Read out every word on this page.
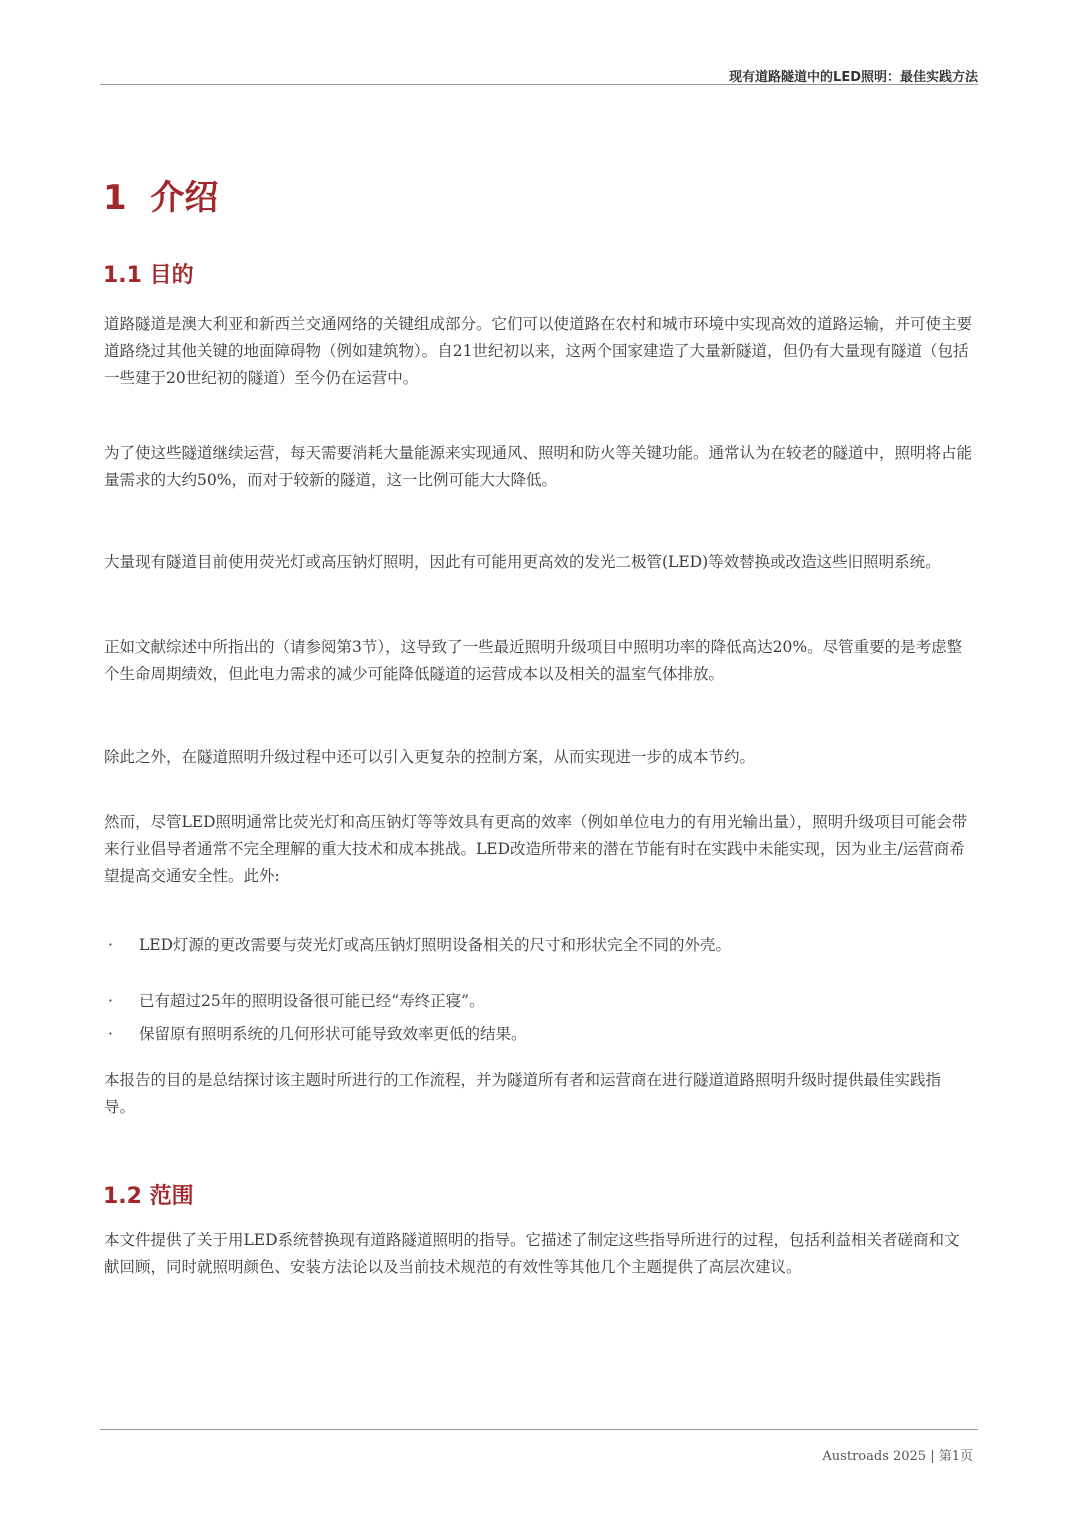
现有道路隧道中的LED照明：最佳实践方法
1  介绍
1.1 目的

道路隧道是澳大利亚和新西兰交通网络的关键组成部分。它们可以使道路在农村和城市环境中实现高效的道路运输，并可使主要道路绕过其他关键的地面障碍物（例如建筑物）。自21世纪初以来，这两个国家建造了大量新隧道，但仍有大量现有隧道（包括一些建于20世纪初的隧道）至今仍在运营中。

为了使这些隧道继续运营，每天需要消耗大量能源来实现通风、照明和防火等关键功能。通常认为在较老的隧道中，照明将占能量需求的大约50%，而对于较新的隧道，这一比例可能大大降低。

大量现有隧道目前使用荧光灯或高压钠灯照明，因此有可能用更高效的发光二极管(LED)等效替换或改造这些旧照明系统。

正如文献综述中所指出的（请参阅第3节），这导致了一些最近照明升级项目中照明功率的降低高达20%。尽管重要的是考虑整个生命周期绩效，但此电力需求的减少可能降低隧道的运营成本以及相关的温室气体排放。

除此之外，在隧道照明升级过程中还可以引入更复杂的控制方案，从而实现进一步的成本节约。

然而，尽管LED照明通常比荧光灯和高压钠灯等等效具有更高的效率（例如单位电力的有用光输出量），照明升级项目可能会带来行业倡导者通常不完全理解的重大技术和成本挑战。LED改造所带来的潜在节能有时在实践中未能实现，因为业主/运营商希望提高交通安全性。此外:

· LED灯源的更改需要与荧光灯或高压钠灯照明设备相关的尺寸和形状完全不同的外壳。
· 已有超过25年的照明设备很可能已经“寿终正寝”。
· 保留原有照明系统的几何形状可能导致效率更低的结果。

本报告的目的是总结探讨该主题时所进行的工作流程，并为隧道所有者和运营商在进行隧道道路照明升级时提供最佳实践指导。

1.2 范围

本文件提供了关于用LED系统替换现有道路隧道照明的指导。它描述了制定这些指导所进行的过程，包括利益相关者磋商和文献回顾，同时就照明颜色、安装方法论以及当前技术规范的有效性等其他几个主题提供了高层次建议。

Austroads 2025 | 第1页
